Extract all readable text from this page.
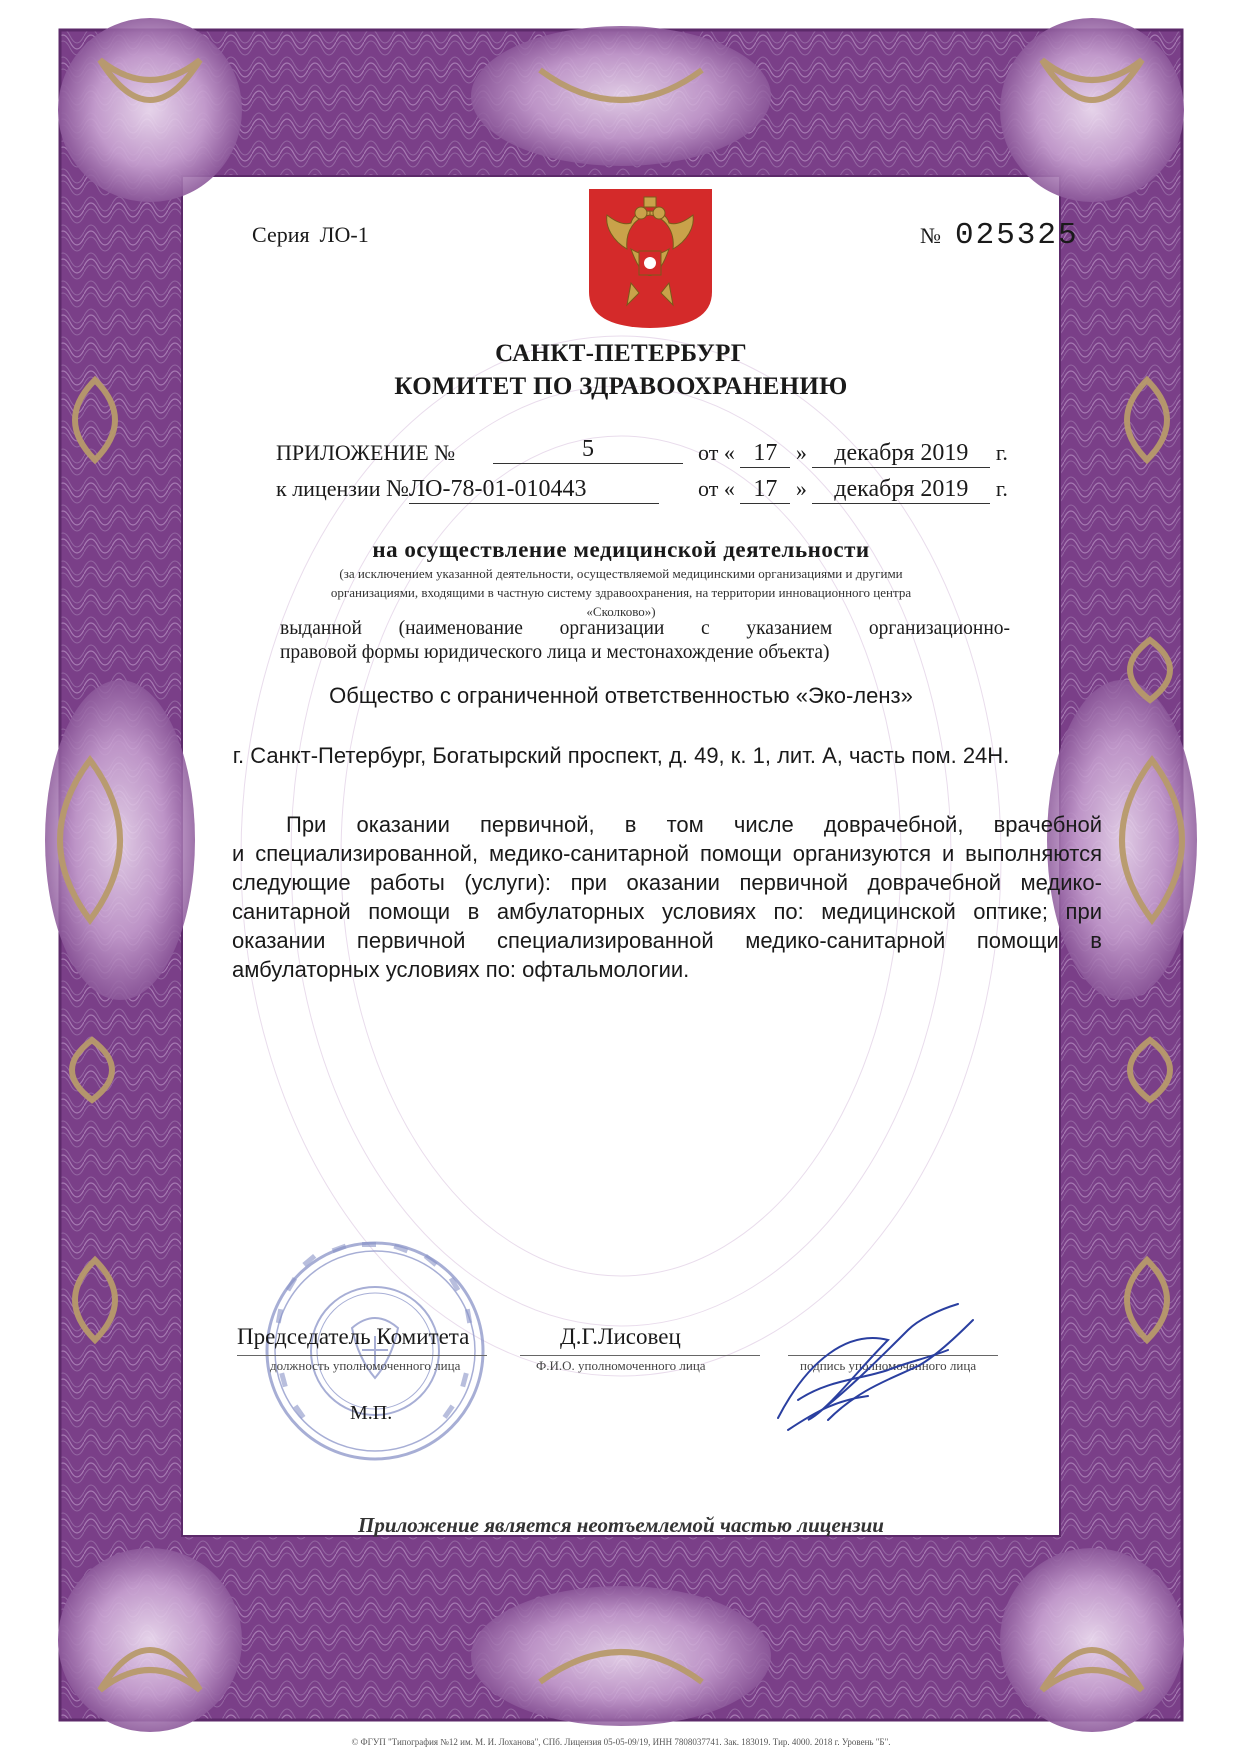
Серия ЛО-1	№ 025325
САНКТ-ПЕТЕРБУРГ
КОМИТЕТ ПО ЗДРАВООХРАНЕНИЮ
ПРИЛОЖЕНИЕ №	5	от « 17 » декабря 2019 г.
к лицензии №ЛО-78-01-010443	от « 17 » декабря 2019 г.
на осуществление медицинской деятельности
(за исключением указанной деятельности, осуществляемой медицинскими организациями и другими
организациями, входящими в частную систему здравоохранения, на территории инновационного центра
«Сколково»)
выданной (наименование организации с указанием организационно-
правовой формы юридического лица и местонахождение объекта)
Общество с ограниченной ответственностью «Эко-ленз»
г. Санкт-Петербург, Богатырский проспект, д. 49, к. 1, лит. А, часть пом. 24Н.
При оказании первичной, в том числе доврачебной, врачебной
и специализированной, медико-санитарной помощи организуются и выполняются
следующие работы (услуги): при оказании первичной доврачебной медико-
санитарной помощи в амбулаторных условиях по: медицинской оптике; при
оказании первичной специализированной медико-санитарной помощи в
амбулаторных условиях по: офтальмологии.
Председатель Комитета
должность уполномоченного лица
Д.Г.Лисовец
Ф.И.О. уполномоченного лица	подпись уполномоченного лица
М.П.
Приложение является неотъемлемой частью лицензии
© ФГУП "Типография №12 им. М. И. Лоханова", СПб. Лицензия 05-05-09/19, ИНН 7808037741. Зак. 183019. Тир. 4000. 2018 г. Уровень "Б".
